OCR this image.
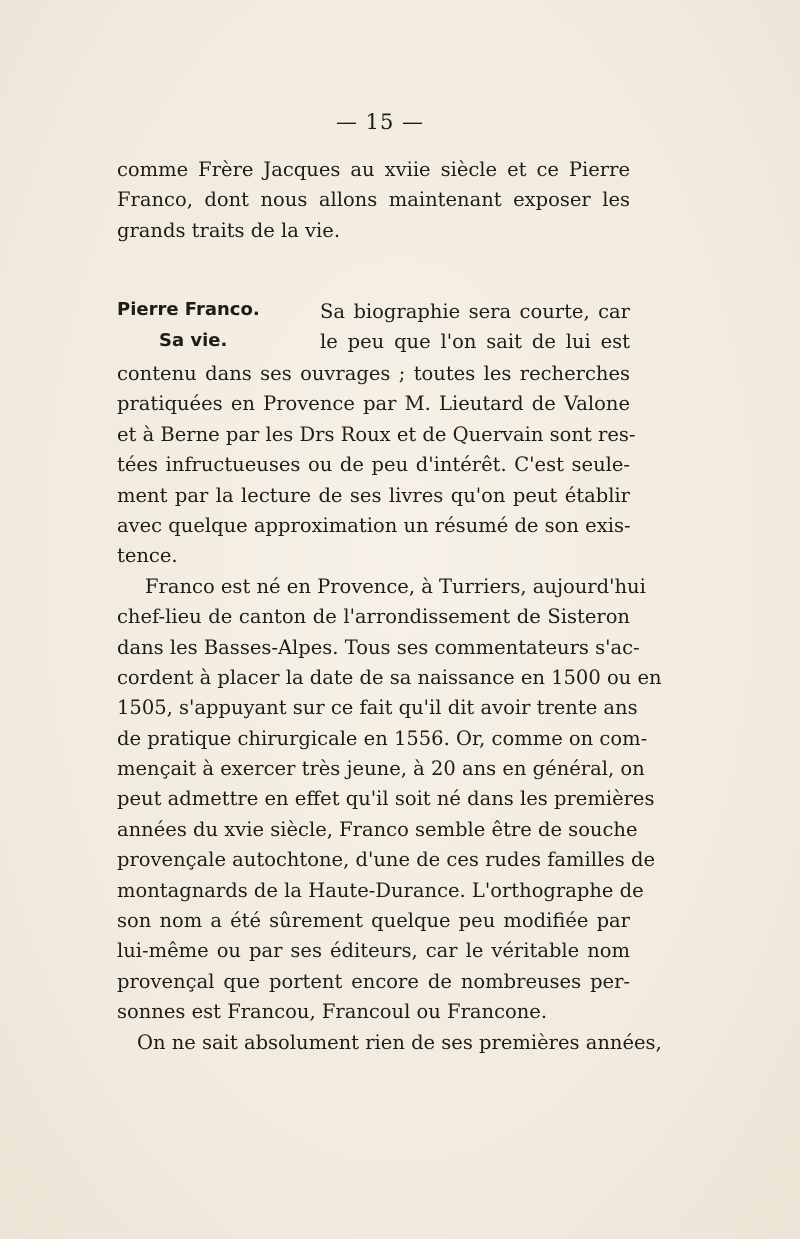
— 15 —
comme Frère Jacques au xviie siècle et ce Pierre
Franco, dont nous allons maintenant exposer les
grands traits de la vie.
Pierre Franco.
Sa vie.
Sa biographie sera courte, car
le peu que l'on sait de lui est
contenu dans ses ouvrages ; toutes les recherches
pratiquées en Provence par M. Lieutard de Valone
et à Berne par les Drs Roux et de Quervain sont res-
tées infructueuses ou de peu d'intérêt. C'est seule-
ment par la lecture de ses livres qu'on peut établir
avec quelque approximation un résumé de son exis-
tence.
Franco est né en Provence, à Turriers, aujourd'hui
chef-lieu de canton de l'arrondissement de Sisteron
dans les Basses-Alpes. Tous ses commentateurs s'ac-
cordent à placer la date de sa naissance en 1500 ou en
1505, s'appuyant sur ce fait qu'il dit avoir trente ans
de pratique chirurgicale en 1556. Or, comme on com-
mençait à exercer très jeune, à 20 ans en général, on
peut admettre en effet qu'il soit né dans les premières
années du xvie siècle, Franco semble être de souche
provençale autochtone, d'une de ces rudes familles de
montagnards de la Haute-Durance. L'orthographe de
son nom a été sûrement quelque peu modifiée par
lui-même ou par ses éditeurs, car le véritable nom
provençal que portent encore de nombreuses per-
sonnes est Francou, Francoul ou Francone.
On ne sait absolument rien de ses premières années,
